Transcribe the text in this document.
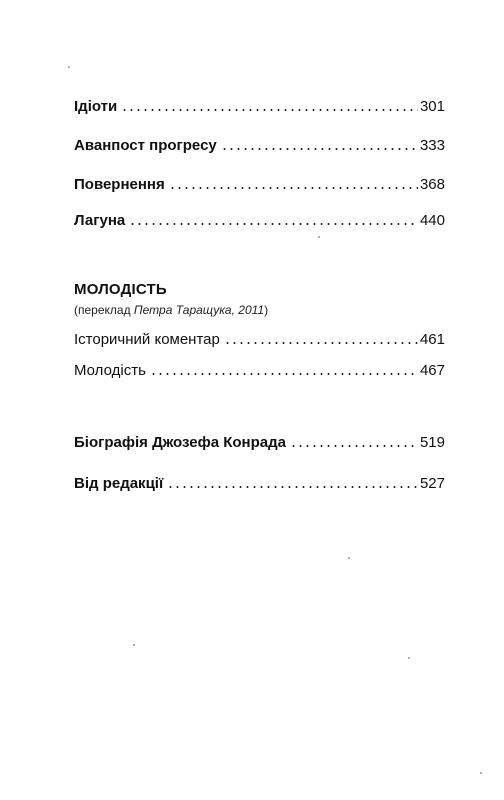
Ідіоти	301
Аванпост прогресу	333
Повернення	368
Лагуна	440
МОЛОДІСТЬ
(переклад Петра Таращука, 2011)
Історичний коментар	461
Молодість	467
Біографія Джозефа Конрада	519
Від редакції	527
